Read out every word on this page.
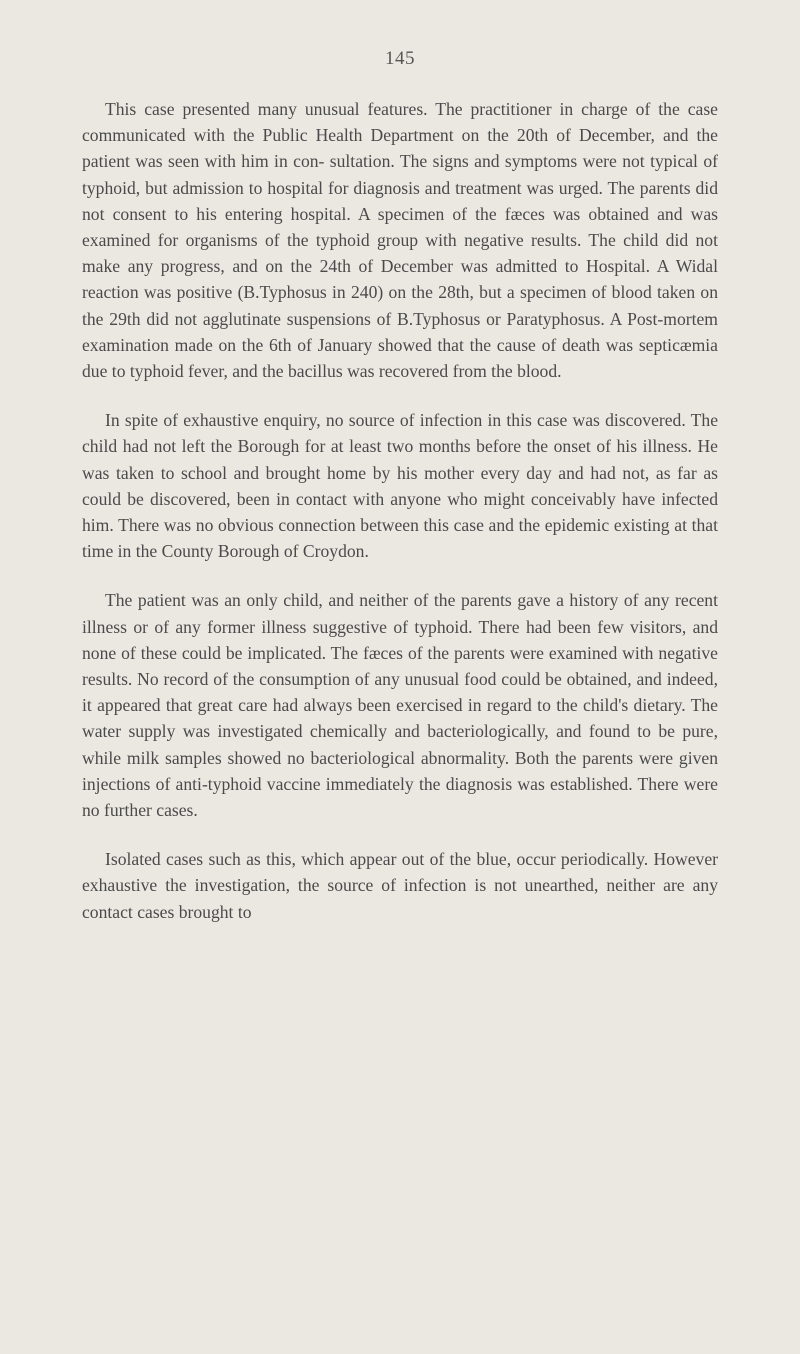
145

This case presented many unusual features. The practitioner in charge of the case communicated with the Public Health Department on the 20th of December, and the patient was seen with him in con- sultation. The signs and symptoms were not typical of typhoid, but admission to hospital for diagnosis and treatment was urged. The parents did not consent to his entering hospital. A specimen of the fæces was obtained and was examined for organisms of the typhoid group with negative results. The child did not make any progress, and on the 24th of December was admitted to Hospital. A Widal reaction was positive (B.Typhosus in 240) on the 28th, but a specimen of blood taken on the 29th did not agglutinate suspensions of B.Typhosus or Paratyphosus. A Post-mortem examination made on the 6th of January showed that the cause of death was septicæmia due to typhoid fever, and the bacillus was recovered from the blood.

In spite of exhaustive enquiry, no source of infection in this case was discovered. The child had not left the Borough for at least two months before the onset of his illness. He was taken to school and brought home by his mother every day and had not, as far as could be discovered, been in contact with anyone who might conceivably have infected him. There was no obvious connection between this case and the epidemic existing at that time in the County Borough of Croydon.

The patient was an only child, and neither of the parents gave a history of any recent illness or of any former illness suggestive of typhoid. There had been few visitors, and none of these could be implicated. The fæces of the parents were examined with negative results. No record of the consumption of any unusual food could be obtained, and indeed, it appeared that great care had always been exercised in regard to the child's dietary. The water supply was investigated chemically and bacteriologically, and found to be pure, while milk samples showed no bacteriological abnormality. Both the parents were given injections of anti-typhoid vaccine immediately the diagnosis was established. There were no further cases.

Isolated cases such as this, which appear out of the blue, occur periodically. However exhaustive the investigation, the source of infection is not unearthed, neither are any contact cases brought to
